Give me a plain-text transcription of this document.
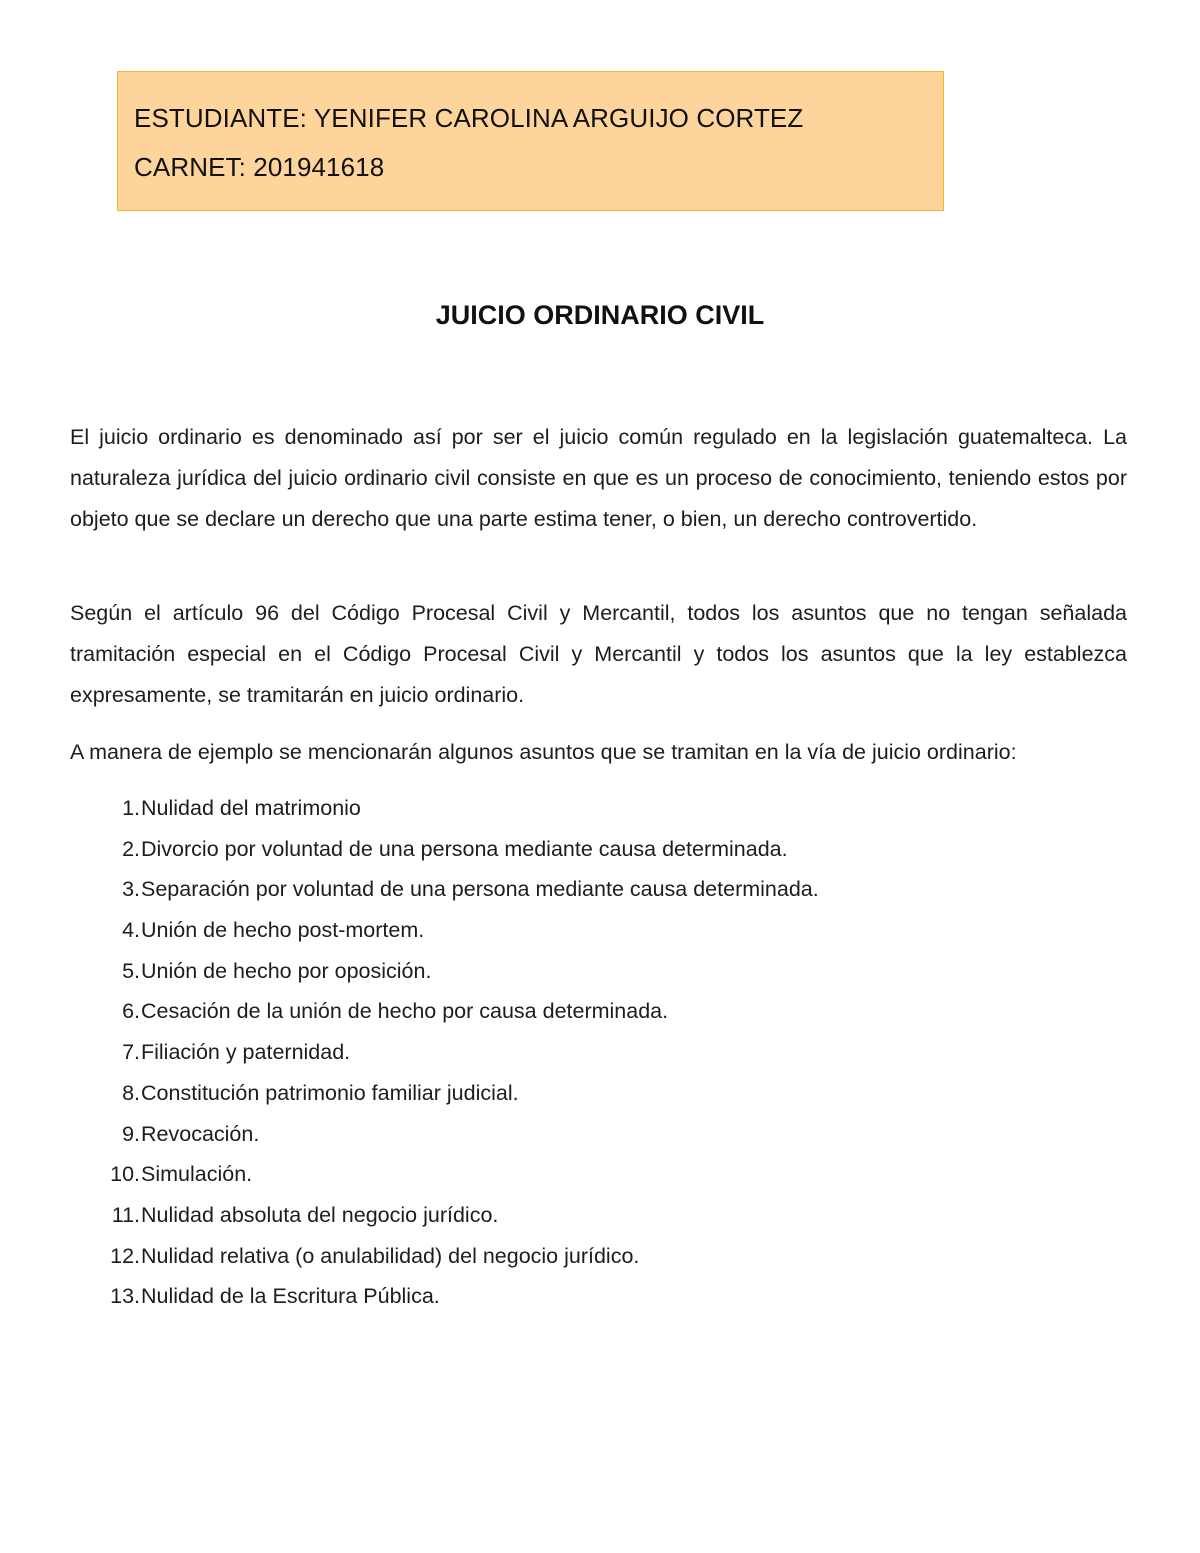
ESTUDIANTE: YENIFER CAROLINA ARGUIJO CORTEZ
CARNET: 201941618
JUICIO ORDINARIO CIVIL

El juicio ordinario es denominado así por ser el juicio común regulado en la legislación guatemalteca. La naturaleza jurídica del juicio ordinario civil consiste en que es un proceso de conocimiento, teniendo estos por objeto que se declare un derecho que una parte estima tener, o bien, un derecho controvertido.

Según el artículo 96 del Código Procesal Civil y Mercantil, todos los asuntos que no tengan señalada tramitación especial en el Código Procesal Civil y Mercantil y todos los asuntos que la ley establezca expresamente, se tramitarán en juicio ordinario.

A manera de ejemplo se mencionarán algunos asuntos que se tramitan en la vía de juicio ordinario:

1. Nulidad del matrimonio
2. Divorcio por voluntad de una persona mediante causa determinada.
3. Separación por voluntad de una persona mediante causa determinada.
4. Unión de hecho post-mortem.
5. Unión de hecho por oposición.
6. Cesación de la unión de hecho por causa determinada.
7. Filiación y paternidad.
8. Constitución patrimonio familiar judicial.
9. Revocación.
10. Simulación.
11. Nulidad absoluta del negocio jurídico.
12. Nulidad relativa (o anulabilidad) del negocio jurídico.
13. Nulidad de la Escritura Pública.
